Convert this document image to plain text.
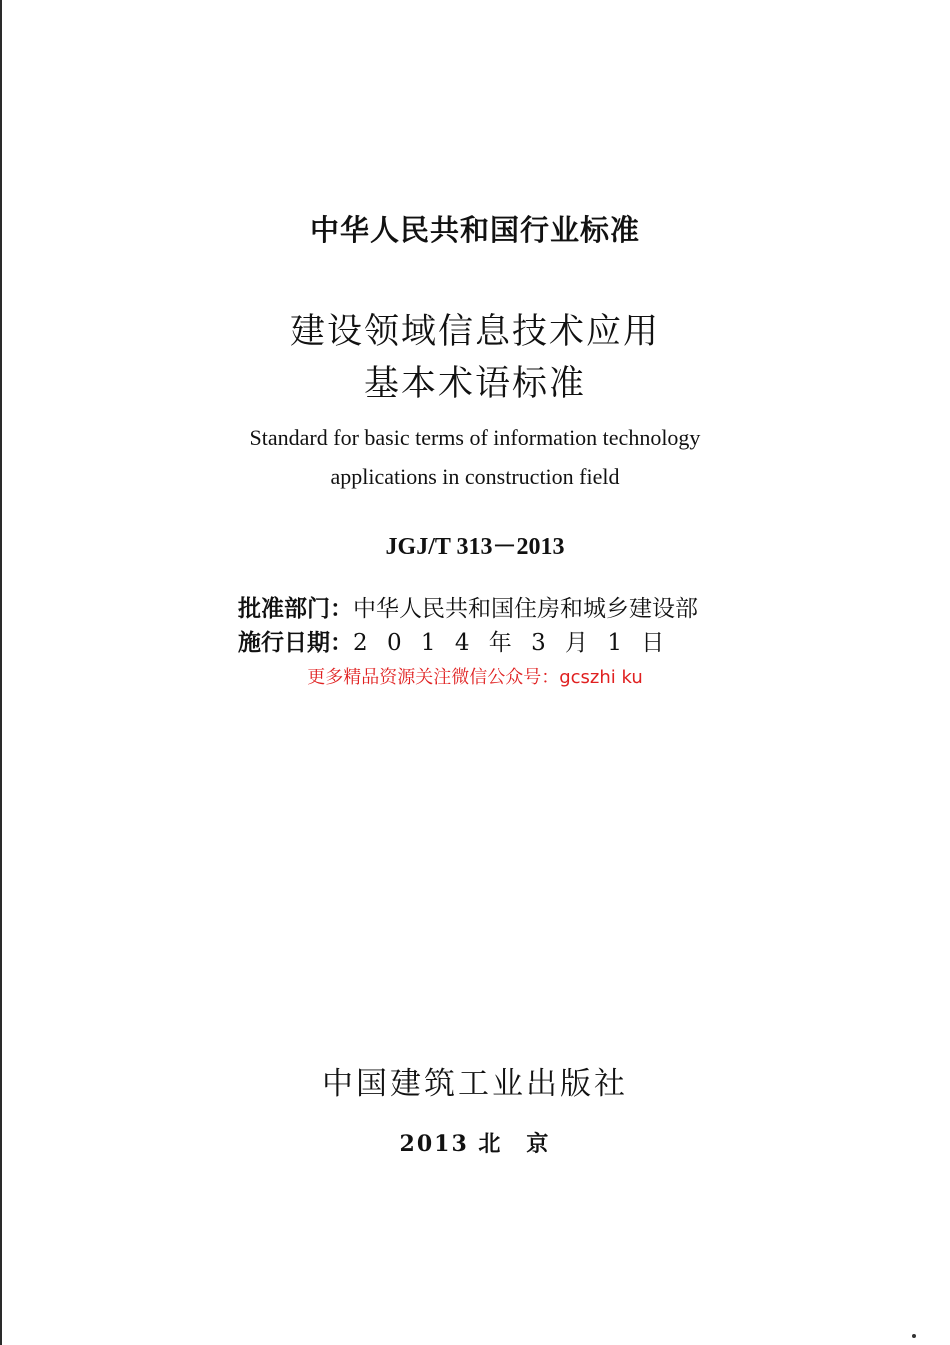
中华人民共和国行业标准
建设领域信息技术应用
基本术语标准
Standard for basic terms of information technology
applications in construction field
JGJ/T 313－2013
批准部门：中华人民共和国住房和城乡建设部
施行日期：2 0 1 4 年 3 月 1 日
更多精品资源关注微信公众号：gcszhi ku
中国建筑工业出版社
2013 北　京
